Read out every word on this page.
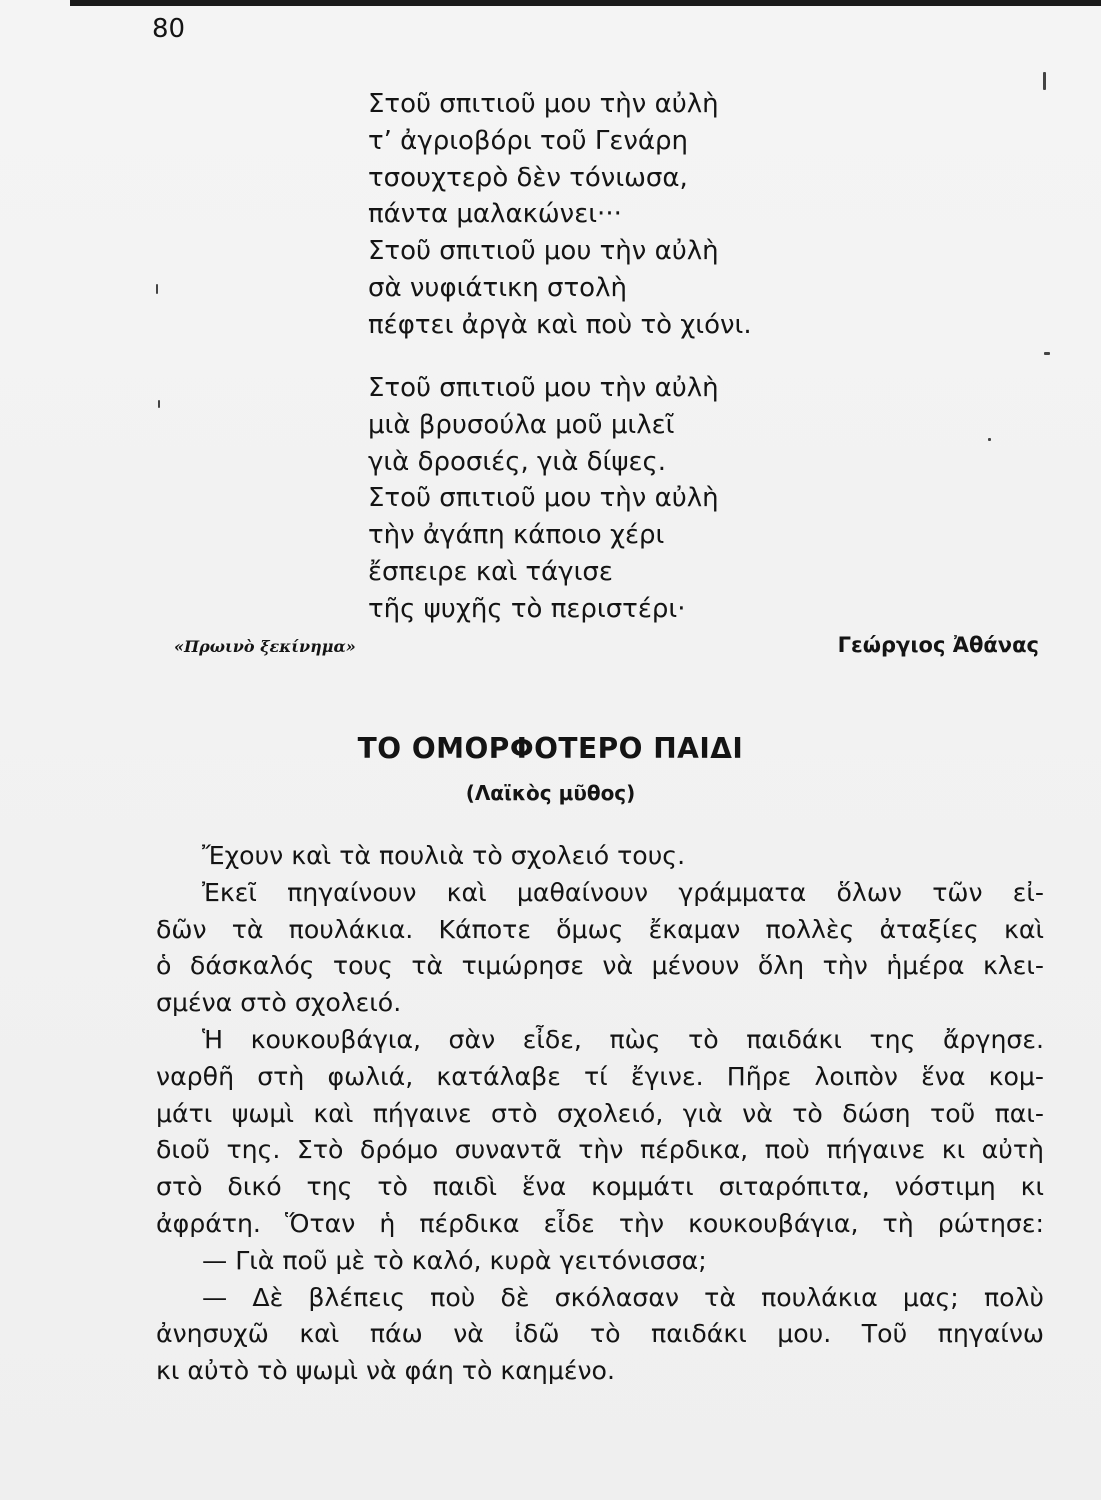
80
Στοῦ σπιτιοῦ μου τὴν αὐλὴ
τ’ ἀγριοβόρι τοῦ Γενάρη
τσουχτερὸ δὲν τόνιωσα,
πάντα μαλακώνει···
Στοῦ σπιτιοῦ μου τὴν αὐλὴ
σὰ νυφιάτικη στολὴ
πέφτει ἀργὰ καὶ ποὺ τὸ χιόνι.
Στοῦ σπιτιοῦ μου τὴν αὐλὴ
μιὰ βρυσούλα μοῦ μιλεῖ
γιὰ δροσιές, γιὰ δίψες.
Στοῦ σπιτιοῦ μου τὴν αὐλὴ
τὴν ἀγάπη κάποιο χέρι
ἔσπειρε καὶ τάγισε
τῆς ψυχῆς τὸ περιστέρι·
«Πρωινὸ ξεκίνημα»	Γεώργιος Ἀθάνας
ΤΟ ΟΜΟΡΦΟΤΕΡΟ ΠΑΙΔΙ
(Λαϊκὸς μῦθος)
Ἔχουν καὶ τὰ πουλιὰ τὸ σχολειό τους.
Ἐκεῖ πηγαίνουν καὶ μαθαίνουν γράμματα ὅλων τῶν εἰ-
δῶν τὰ πουλάκια. Κάποτε ὅμως ἔκαμαν πολλὲς ἀταξίες καὶ
ὁ δάσκαλός τους τὰ τιμώρησε νὰ μένουν ὅλη τὴν ἡμέρα κλει-
σμένα στὸ σχολειό.
Ἡ κουκουβάγια, σὰν εἶδε, πὼς τὸ παιδάκι της ἄργησε.
ναρθῆ στὴ φωλιά, κατάλαβε τί ἔγινε. Πῆρε λοιπὸν ἕνα κομ-
μάτι ψωμὶ καὶ πήγαινε στὸ σχολειό, γιὰ νὰ τὸ δώση τοῦ παι-
διοῦ της. Στὸ δρόμο συναντᾶ τὴν πέρδικα, ποὺ πήγαινε κι αὐτὴ
στὸ δικό της τὸ παιδὶ ἕνα κομμάτι σιταρόπιτα, νόστιμη κι
ἀφράτη. Ὅταν ἡ πέρδικα εἶδε τὴν κουκουβάγια, τὴ ρώτησε:
— Γιὰ ποῦ μὲ τὸ καλό, κυρὰ γειτόνισσα;
— Δὲ βλέπεις ποὺ δὲ σκόλασαν τὰ πουλάκια μας; πολὺ
ἀνησυχῶ καὶ πάω νὰ ἰδῶ τὸ παιδάκι μου. Τοῦ πηγαίνω
κι αὐτὸ τὸ ψωμὶ νὰ φάη τὸ καημένο.
